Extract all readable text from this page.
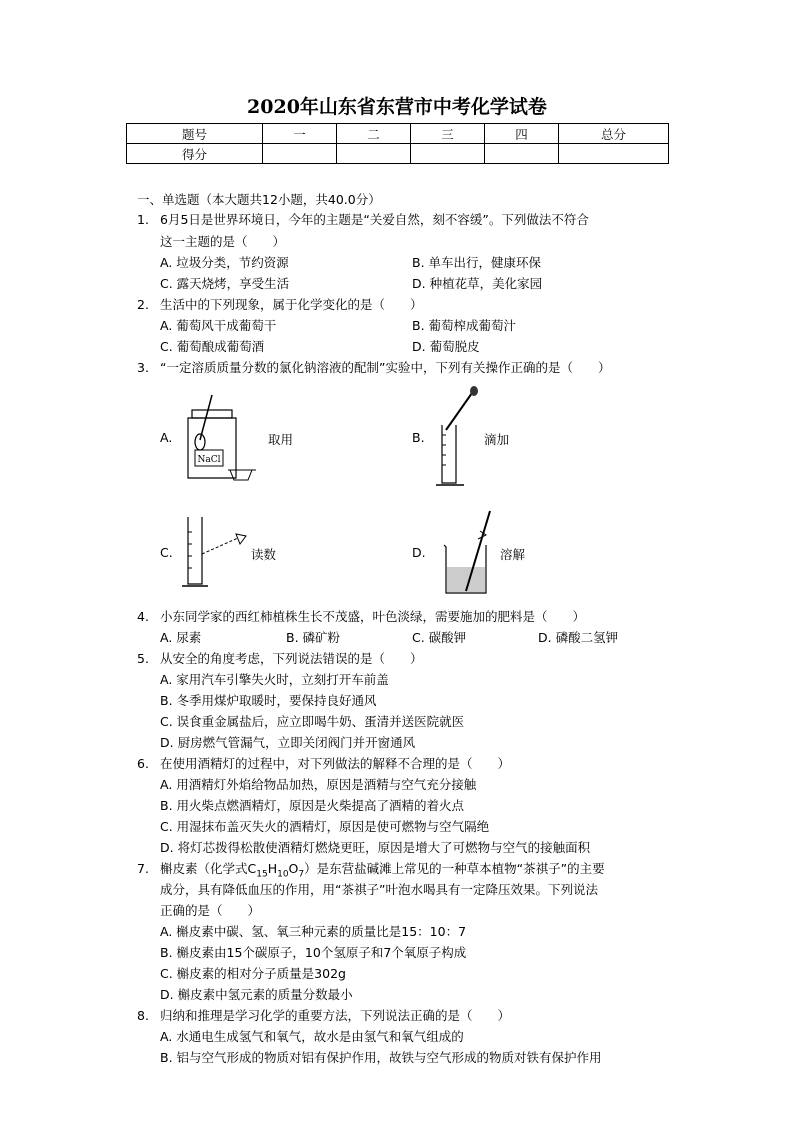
2020年山东省东营市中考化学试卷
题号	一	二	三	四	总分
得分					
一、单选题（本大题共12小题，共40.0分）
1. 6月5日是世界环境日，今年的主题是“关爱自然，刻不容缓”。下列做法不符合
这一主题的是（　　）
A. 垃圾分类，节约资源	B. 单车出行，健康环保
C. 露天烧烤，享受生活	D. 种植花草，美化家园
2. 生活中的下列现象，属于化学变化的是（　　）
A. 葡萄风干成葡萄干	B. 葡萄榨成葡萄汁
C. 葡萄酿成葡萄酒	D. 葡萄脱皮
3. “一定溶质质量分数的氯化钠溶液的配制”实验中，下列有关操作正确的是（　　）
A.
NaCl
取用	B.	滴加
C.	读数	D.	溶解
4. 小东同学家的西红柿植株生长不茂盛，叶色淡绿，需要施加的肥料是（　　）
A. 尿素	B. 磷矿粉	C. 碳酸钾	D. 磷酸二氢钾
5. 从安全的角度考虑，下列说法错误的是（　　）
A. 家用汽车引擎失火时，立刻打开车前盖
B. 冬季用煤炉取暖时，要保持良好通风
C. 误食重金属盐后，应立即喝牛奶、蛋清并送医院就医
D. 厨房燃气管漏气，立即关闭阀门并开窗通风
6. 在使用酒精灯的过程中，对下列做法的解释不合理的是（　　）
A. 用酒精灯外焰给物品加热，原因是酒精与空气充分接触
B. 用火柴点燃酒精灯，原因是火柴提高了酒精的着火点
C. 用湿抹布盖灭失火的酒精灯，原因是使可燃物与空气隔绝
D. 将灯芯拨得松散使酒精灯燃烧更旺，原因是增大了可燃物与空气的接触面积
7. 槲皮素（化学式$C_{15}H_{10}O_7$）是东营盐碱滩上常见的一种草本植物“茶祺子”的主要
成分，具有降低血压的作用，用“茶祺子”叶泡水喝具有一定降压效果。下列说法
正确的是（　　）
A. 槲皮素中碳、氢、氧三种元素的质量比是15：10：7
B. 槲皮素由15个碳原子，10个氢原子和7个氧原子构成
C. 槲皮素的相对分子质量是302g
D. 槲皮素中氢元素的质量分数最小
8. 归纳和推理是学习化学的重要方法，下列说法正确的是（　　）
A. 水通电生成氢气和氧气，故水是由氢气和氧气组成的
B. 铝与空气形成的物质对铝有保护作用，故铁与空气形成的物质对铁有保护作用
